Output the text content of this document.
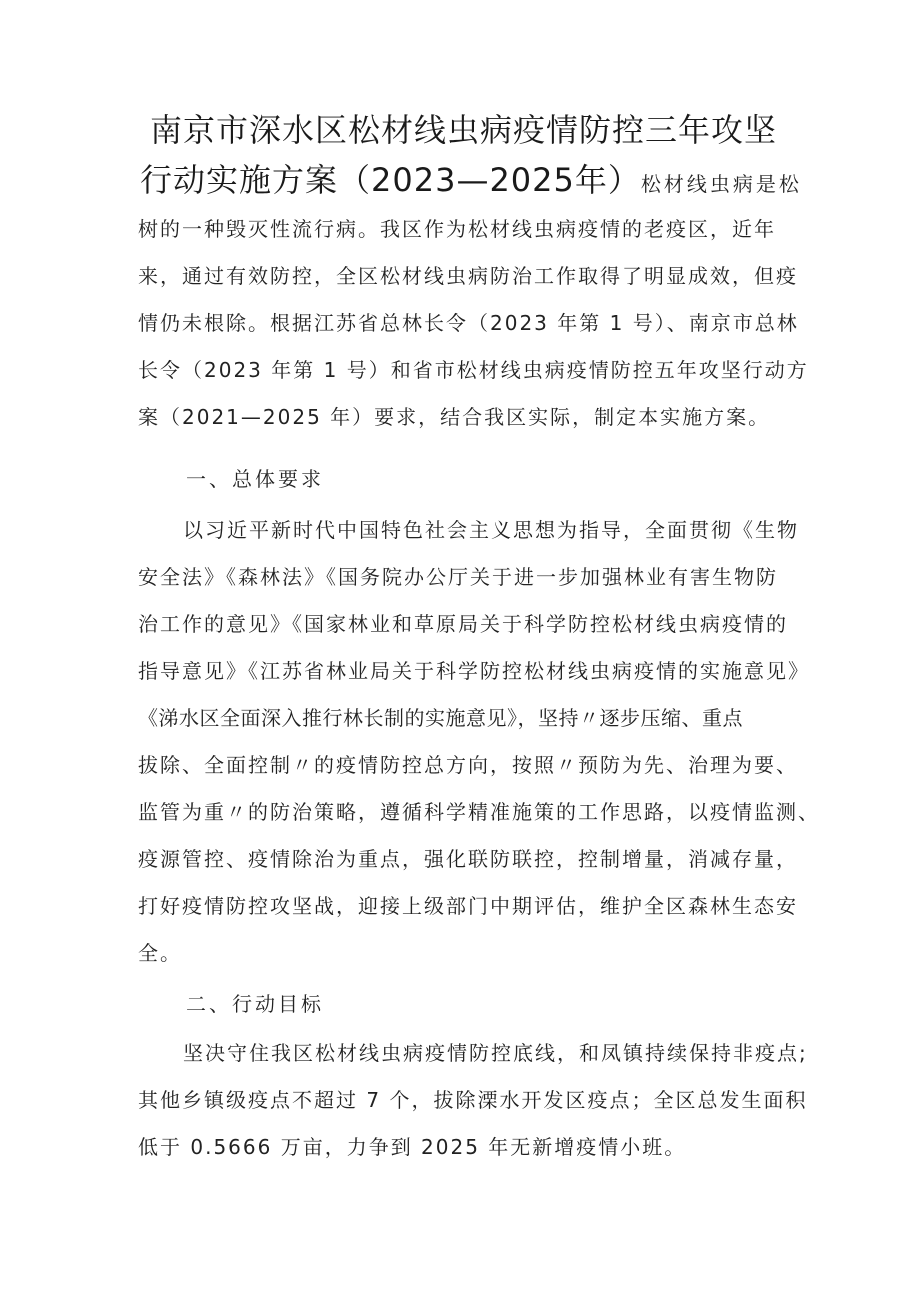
南京市深水区松材线虫病疫情防控三年攻坚
行动实施方案（2023—2025年）松材线虫病是松
树的一种毁灭性流行病。我区作为松材线虫病疫情的老疫区，近年
来，通过有效防控，全区松材线虫病防治工作取得了明显成效，但疫
情仍未根除。根据江苏省总林长令（2023 年第 1 号）、南京市总林
长令（2023 年第 1 号）和省市松材线虫病疫情防控五年攻坚行动方
案（2021—2025 年）要求，结合我区实际，制定本实施方案。
一、总体要求
以习近平新时代中国特色社会主义思想为指导，全面贯彻《生物
安全法》《森林法》《国务院办公厅关于进一步加强林业有害生物防
治工作的意见》《国家林业和草原局关于科学防控松材线虫病疫情的
指导意见》《江苏省林业局关于科学防控松材线虫病疫情的实施意见》
《涕水区全面深入推行林长制的实施意见》，坚持〃逐步压缩、重点
拔除、全面控制〃的疫情防控总方向，按照〃预防为先、治理为要、
监管为重〃的防治策略，遵循科学精准施策的工作思路，以疫情监测、
疫源管控、疫情除治为重点，强化联防联控，控制增量，消减存量，
打好疫情防控攻坚战，迎接上级部门中期评估，维护全区森林生态安
全。
二、行动目标
坚决守住我区松材线虫病疫情防控底线，和凤镇持续保持非疫点;
其他乡镇级疫点不超过 7 个，拔除溧水开发区疫点；全区总发生面积
低于 0.5666 万亩，力争到 2025 年无新增疫情小班。
